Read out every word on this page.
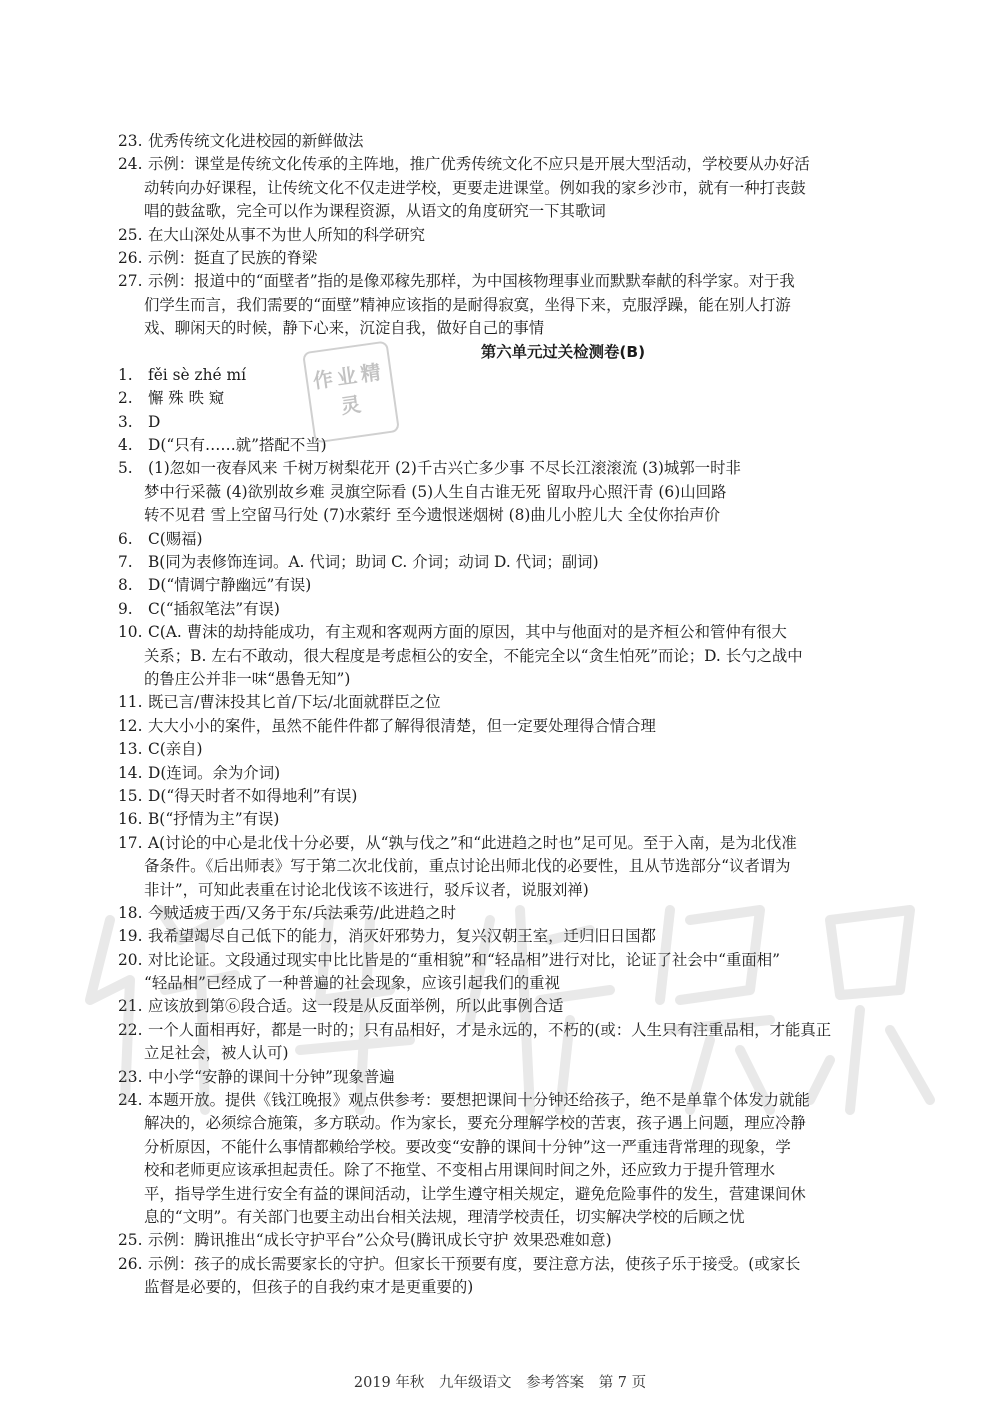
23. 优秀传统文化进校园的新鲜做法
24. 示例：课堂是传统文化传承的主阵地，推广优秀传统文化不应只是开展大型活动，学校要从办好活
动转向办好课程，让传统文化不仅走进学校，更要走进课堂。例如我的家乡沙市，就有一种打丧鼓
唱的鼓盆歌，完全可以作为课程资源，从语文的角度研究一下其歌词
25. 在大山深处从事不为世人所知的科学研究
26. 示例：挺直了民族的脊梁
27. 示例：报道中的“面壁者”指的是像邓稼先那样，为中国核物理事业而默默奉献的科学家。对于我
们学生而言，我们需要的“面壁”精神应该指的是耐得寂寞，坐得下来，克服浮躁，能在别人打游
戏、聊闲天的时候，静下心来，沉淀自我，做好自己的事情
第六单元过关检测卷(B)
1. fěi sè zhé mí
2. 懈 殊 昳 窥
3. D
4. D(“只有……就”搭配不当)
5. (1)忽如一夜春风来 千树万树梨花开 (2)千古兴亡多少事 不尽长江滚滚流 (3)城郭一时非
梦中行采薇 (4)欲别故乡难 灵旗空际看 (5)人生自古谁无死 留取丹心照汗青 (6)山回路
转不见君 雪上空留马行处 (7)水萦纡 至今遗恨迷烟树 (8)曲儿小腔儿大 全仗你抬声价
6. C(赐福)
7. B(同为表修饰连词。A. 代词；助词 C. 介词；动词 D. 代词；副词)
8. D(“情调宁静幽远”有误)
9. C(“插叙笔法”有误)
10. C(A. 曹沫的劫持能成功，有主观和客观两方面的原因，其中与他面对的是齐桓公和管仲有很大
关系；B. 左右不敢动，很大程度是考虑桓公的安全，不能完全以“贪生怕死”而论；D. 长勺之战中
的鲁庄公并非一味“愚鲁无知”)
11. 既已言/曹沫投其匕首/下坛/北面就群臣之位
12. 大大小小的案件，虽然不能件件都了解得很清楚，但一定要处理得合情合理
13. C(亲自)
14. D(连词。余为介词)
15. D(“得天时者不如得地利”有误)
16. B(“抒情为主”有误)
17. A(讨论的中心是北伐十分必要，从“孰与伐之”和“此进趋之时也”足可见。至于入南，是为北伐准
备条件。《后出师表》写于第二次北伐前，重点讨论出师北伐的必要性，且从节选部分“议者谓为
非计”，可知此表重在讨论北伐该不该进行，驳斥议者，说服刘禅)
18. 今贼适疲于西/又务于东/兵法乘劳/此进趋之时
19. 我希望竭尽自己低下的能力，消灭奸邪势力，复兴汉朝王室，迁归旧日国都
20. 对比论证。文段通过现实中比比皆是的“重相貌”和“轻品相”进行对比，论证了社会中“重面相”
“轻品相”已经成了一种普遍的社会现象，应该引起我们的重视
21. 应该放到第⑥段合适。这一段是从反面举例，所以此事例合适
22. 一个人面相再好，都是一时的；只有品相好，才是永远的，不朽的(或：人生只有注重品相，才能真正
立足社会，被人认可)
23. 中小学“安静的课间十分钟”现象普遍
24. 本题开放。提供《钱江晚报》观点供参考：要想把课间十分钟还给孩子，绝不是单靠个体发力就能
解决的，必须综合施策，多方联动。作为家长，要充分理解学校的苦衷，孩子遇上问题，理应冷静
分析原因，不能什么事情都赖给学校。要改变“安静的课间十分钟”这一严重违背常理的现象，学
校和老师更应该承担起责任。除了不拖堂、不变相占用课间时间之外，还应致力于提升管理水
平，指导学生进行安全有益的课间活动，让学生遵守相关规定，避免危险事件的发生，营建课间休
息的“文明”。有关部门也要主动出台相关法规，理清学校责任，切实解决学校的后顾之忧
25. 示例：腾讯推出“成长守护平台”公众号(腾讯成长守护 效果恐难如意)
26. 示例：孩子的成长需要家长的守护。但家长干预要有度，要注意方法，使孩子乐于接受。(或家长
监督是必要的，但孩子的自我约束才是更重要的)
作业精灵
2019 年秋 九年级语文 参考答案 第 7 页
